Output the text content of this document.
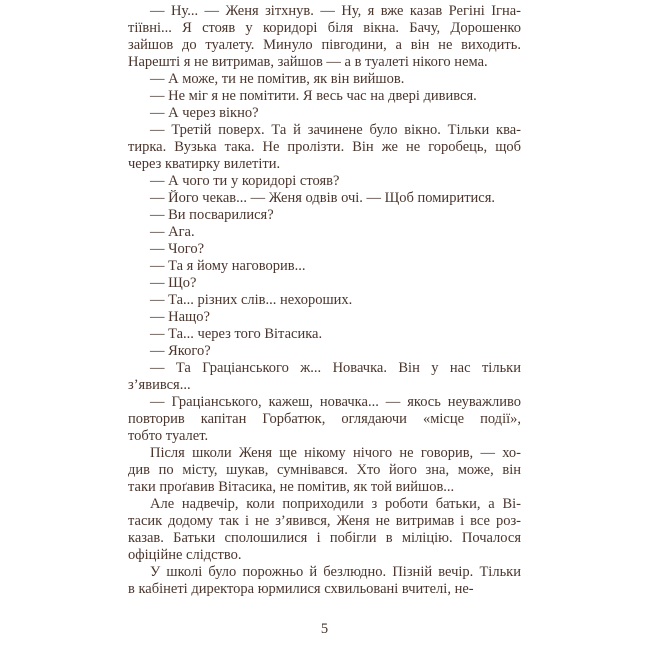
— Ну... — Женя зітхнув. — Ну, я вже казав Регіні Ігна-
тіївні... Я стояв у коридорі біля вікна. Бачу, Дорошенко
зайшов до туалету. Минуло півгодини, а він не виходить.
Нарешті я не витримав, зайшов — а в туалеті нікого нема.
— А може, ти не помітив, як він вийшов.
— Не міг я не помітити. Я весь час на двері дивився.
— А через вікно?
— Третій поверх. Та й зачинене було вікно. Тільки ква-
тирка. Вузька така. Не пролізти. Він же не горобець, щоб
через кватирку вилетіти.
— А чого ти у коридорі стояв?
— Його чекав... — Женя одвів очі. — Щоб помиритися.
— Ви посварилися?
— Ага.
— Чого?
— Та я йому наговорив...
— Що?
— Та... різних слів... нехороших.
— Нащо?
— Та... через того Вітасика.
— Якого?
— Та Граціанського ж... Новачка. Він у нас тільки
з’явився...
— Граціанського, кажеш, новачка... — якось неуважливо
повторив капітан Горбатюк, оглядаючи «місце події»,
тобто туалет.
Після школи Женя ще нікому нічого не говорив, — хо-
див по місту, шукав, сумнівався. Хто його зна, може, він
таки проґавив Вітасика, не помітив, як той вийшов...
Але надвечір, коли поприходили з роботи батьки, а Ві-
тасик додому так і не з’явився, Женя не витримав і все роз-
казав. Батьки сполошилися і побігли в міліцію. Почалося
офіційне слідство.
У школі було порожньо й безлюдно. Пізній вечір. Тільки
в кабінеті директора юрмилися схвильовані вчителі, не-
5
